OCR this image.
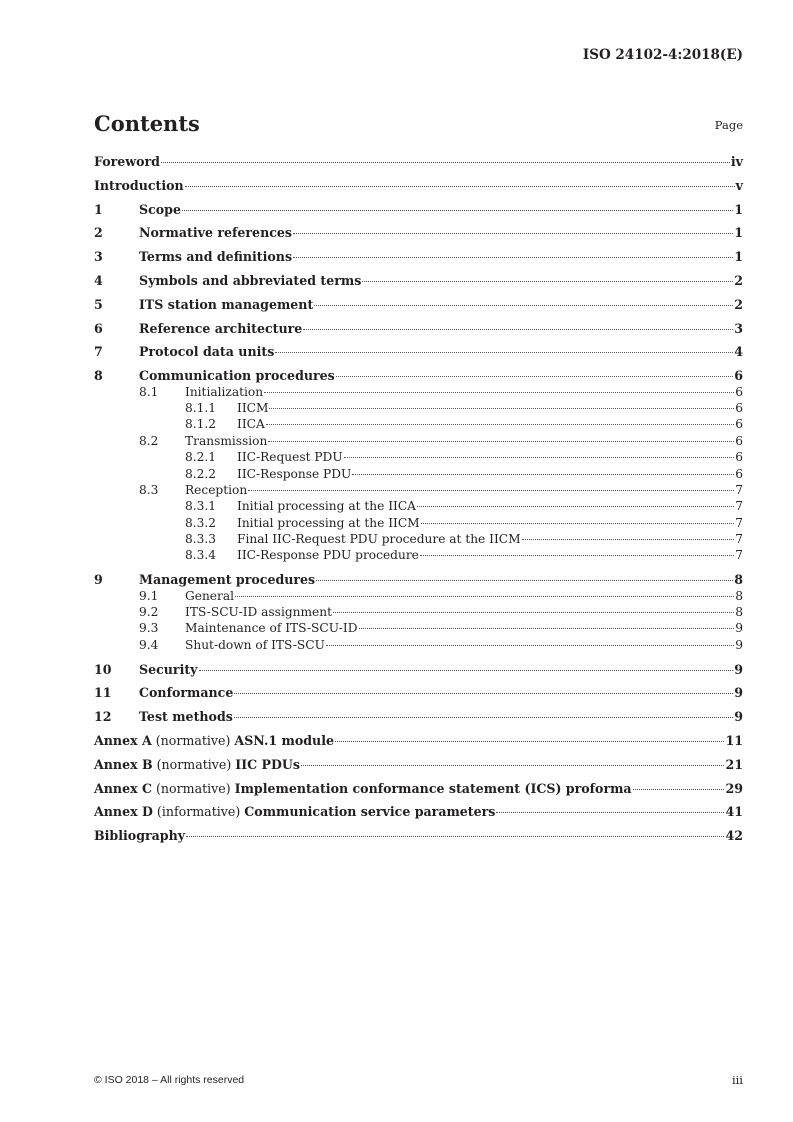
ISO 24102-4:2018(E)
Contents	Page
Foreword	iv
Introduction	v
1	Scope	1
2	Normative references	1
3	Terms and definitions	1
4	Symbols and abbreviated terms	2
5	ITS station management	2
6	Reference architecture	3
7	Protocol data units	4
8	Communication procedures	6
8.1	Initialization	6
8.1.1	IICM	6
8.1.2	IICA	6
8.2	Transmission	6
8.2.1	IIC-Request PDU	6
8.2.2	IIC-Response PDU	6
8.3	Reception	7
8.3.1	Initial processing at the IICA	7
8.3.2	Initial processing at the IICM	7
8.3.3	Final IIC-Request PDU procedure at the IICM	7
8.3.4	IIC-Response PDU procedure	7
9	Management procedures	8
9.1	General	8
9.2	ITS-SCU-ID assignment	8
9.3	Maintenance of ITS-SCU-ID	9
9.4	Shut-down of ITS-SCU	9
10	Security	9
11	Conformance	9
12	Test methods	9
Annex A (normative) ASN.1 module	11
Annex B (normative) IIC PDUs	21
Annex C (normative) Implementation conformance statement (ICS) proforma	29
Annex D (informative) Communication service parameters	41
Bibliography	42
© ISO 2018 – All rights reserved	iii
